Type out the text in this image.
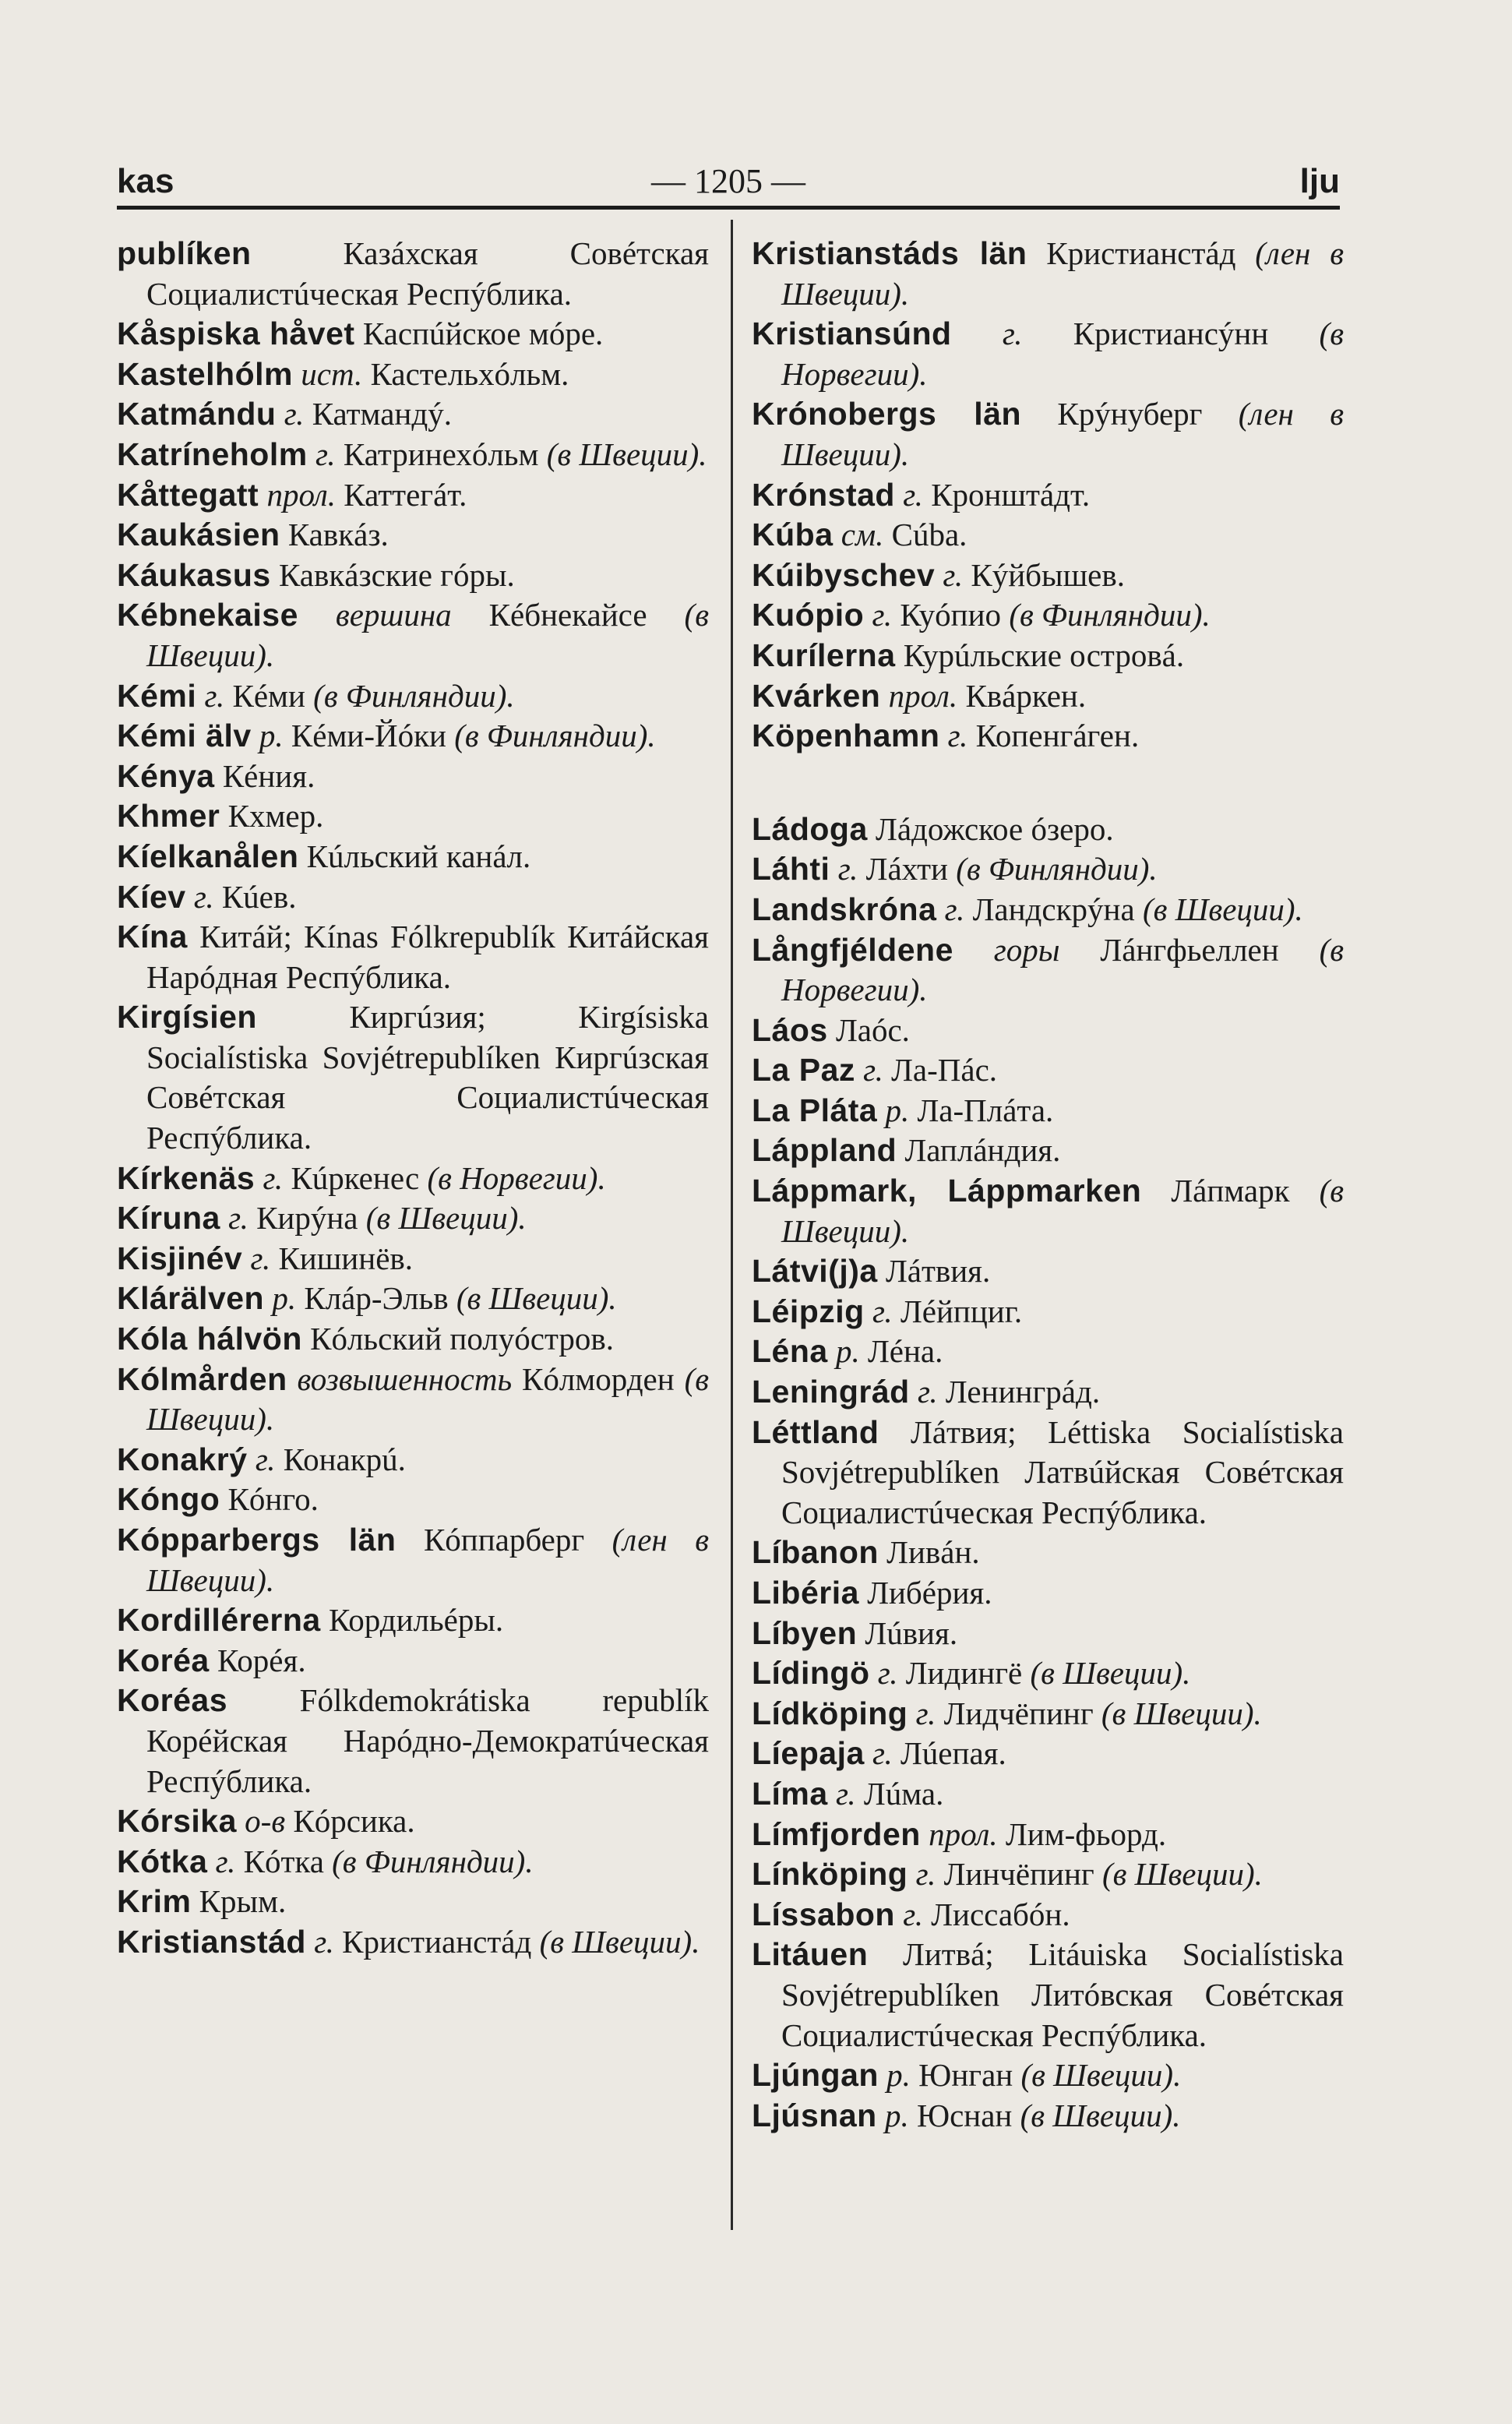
kas	— 1205 —	lju
publíken	Казáхская Совéтская Социалистúческая Респýблика.
Kåspiska håvet Каспúйское мóре.
Kastelhólm ист. Кастельхóльм.
Katmándu г. Катмандý.
Katríneholm г. Катринехóльм (в Швеции).
Kåttegatt прол. Каттегáт.
Kaukásien Кавкáз.
Káukasus Кавкáзские гóры.
Kébnekaise вершина Кéбнекайсе (в Швеции).
Kémi г. Кéми (в Финляндии).
Kémi älv р. Кéми-Йóки (в Финляндии).
Kénya Кéния.
Khmer Кхмер.
Kíelkanålen Кúльский канáл.
Kíev г. Кúев.
Kína Китáй; Kínas Fólkrepublík Китáйская Нарóдная Респýблика.
Kirgísien	Киргúзия; Kirgísiska Socialístiska Sovjétrepublíken Киргúзская Совéтская Социалистúческая Респýблика.
Kírkenäs г. Кúркенес (в Норвегии).
Kíruna г. Кирýна (в Швеции).
Kisjinév г. Кишинёв.
Klárälven р. Клáр-Эльв (в Швеции).
Kóla hálvön Кóльский полуóстров.
Kólmården возвышенность Кóлморден (в Швеции).
Konakrý г. Конакрú.
Kóngo Кóнго.
Kópparbergs län Кóппарберг (лен в Швеции).
Kordillérerna Кордильéры.
Koréa Корéя.
Koréas Fólkdemokrátiska republík Корéйская Нарóдно-Демократúческая Респýблика.
Kórsika о-в Кóрсика.
Kótka г. Кóтка (в Финляндии).
Krim Крым.
Kristianstád г. Кристианстáд (в Швеции).
Kristianstáds län Кристианстáд (лен в Швеции).
Kristiansúnd г. Кристиансýнн (в Норвегии).
Krónobergs län Крýнуберг (лен в Швеции).
Krónstad г. Кронштáдт.
Kúba см. Cúba.
Kúibyschev г. Кýйбышев.
Kuópio г. Куóпио (в Финляндии).
Kurílerna Курúльские островá.
Kvárken прол. Квáркен.
Köpenhamn г. Копенгáген.
Ládoga Лáдожское óзеро.
Láhti г. Лáхти (в Финляндии).
Landskróna г. Ландскрýна (в Швеции).
Långfjéldene горы Лáнгфьеллен (в Норвегии).
Láos Лаóс.
La Paz г. Ла-Пáс.
La Pláta р. Ла-Плáта.
Láppland Лаплáндия.
Láppmark, Láppmarken Лáпмарк (в Швеции).
Látvi(j)a Лáтвия.
Léipzig г. Лéйпциг.
Léna р. Лéна.
Leningrád г. Ленингрáд.
Léttland Лáтвия; Léttiska Socialístiska Sovjétrepublíken Латвúйская Совéтская Социалистúческая Респýблика.
Líbanon Ливáн.
Libéria Либéрия.
Líbyen Лúвия.
Lídingö г. Лидингё (в Швеции).
Lídköping г. Лидчёпинг (в Швеции).
Líepaja г. Лúепая.
Líma г. Лúма.
Límfjorden прол. Лим-фьорд.
Línköping г. Линчёпинг (в Швеции).
Líssabon г. Лиссабóн.
Litáuen Литвá; Litáuiska Socialístiska Sovjétrepublíken Литóвская Совéтская Социалистúческая Респýблика.
Ljúngan р. Юнган (в Швеции).
Ljúsnan р. Юснан (в Швеции).
